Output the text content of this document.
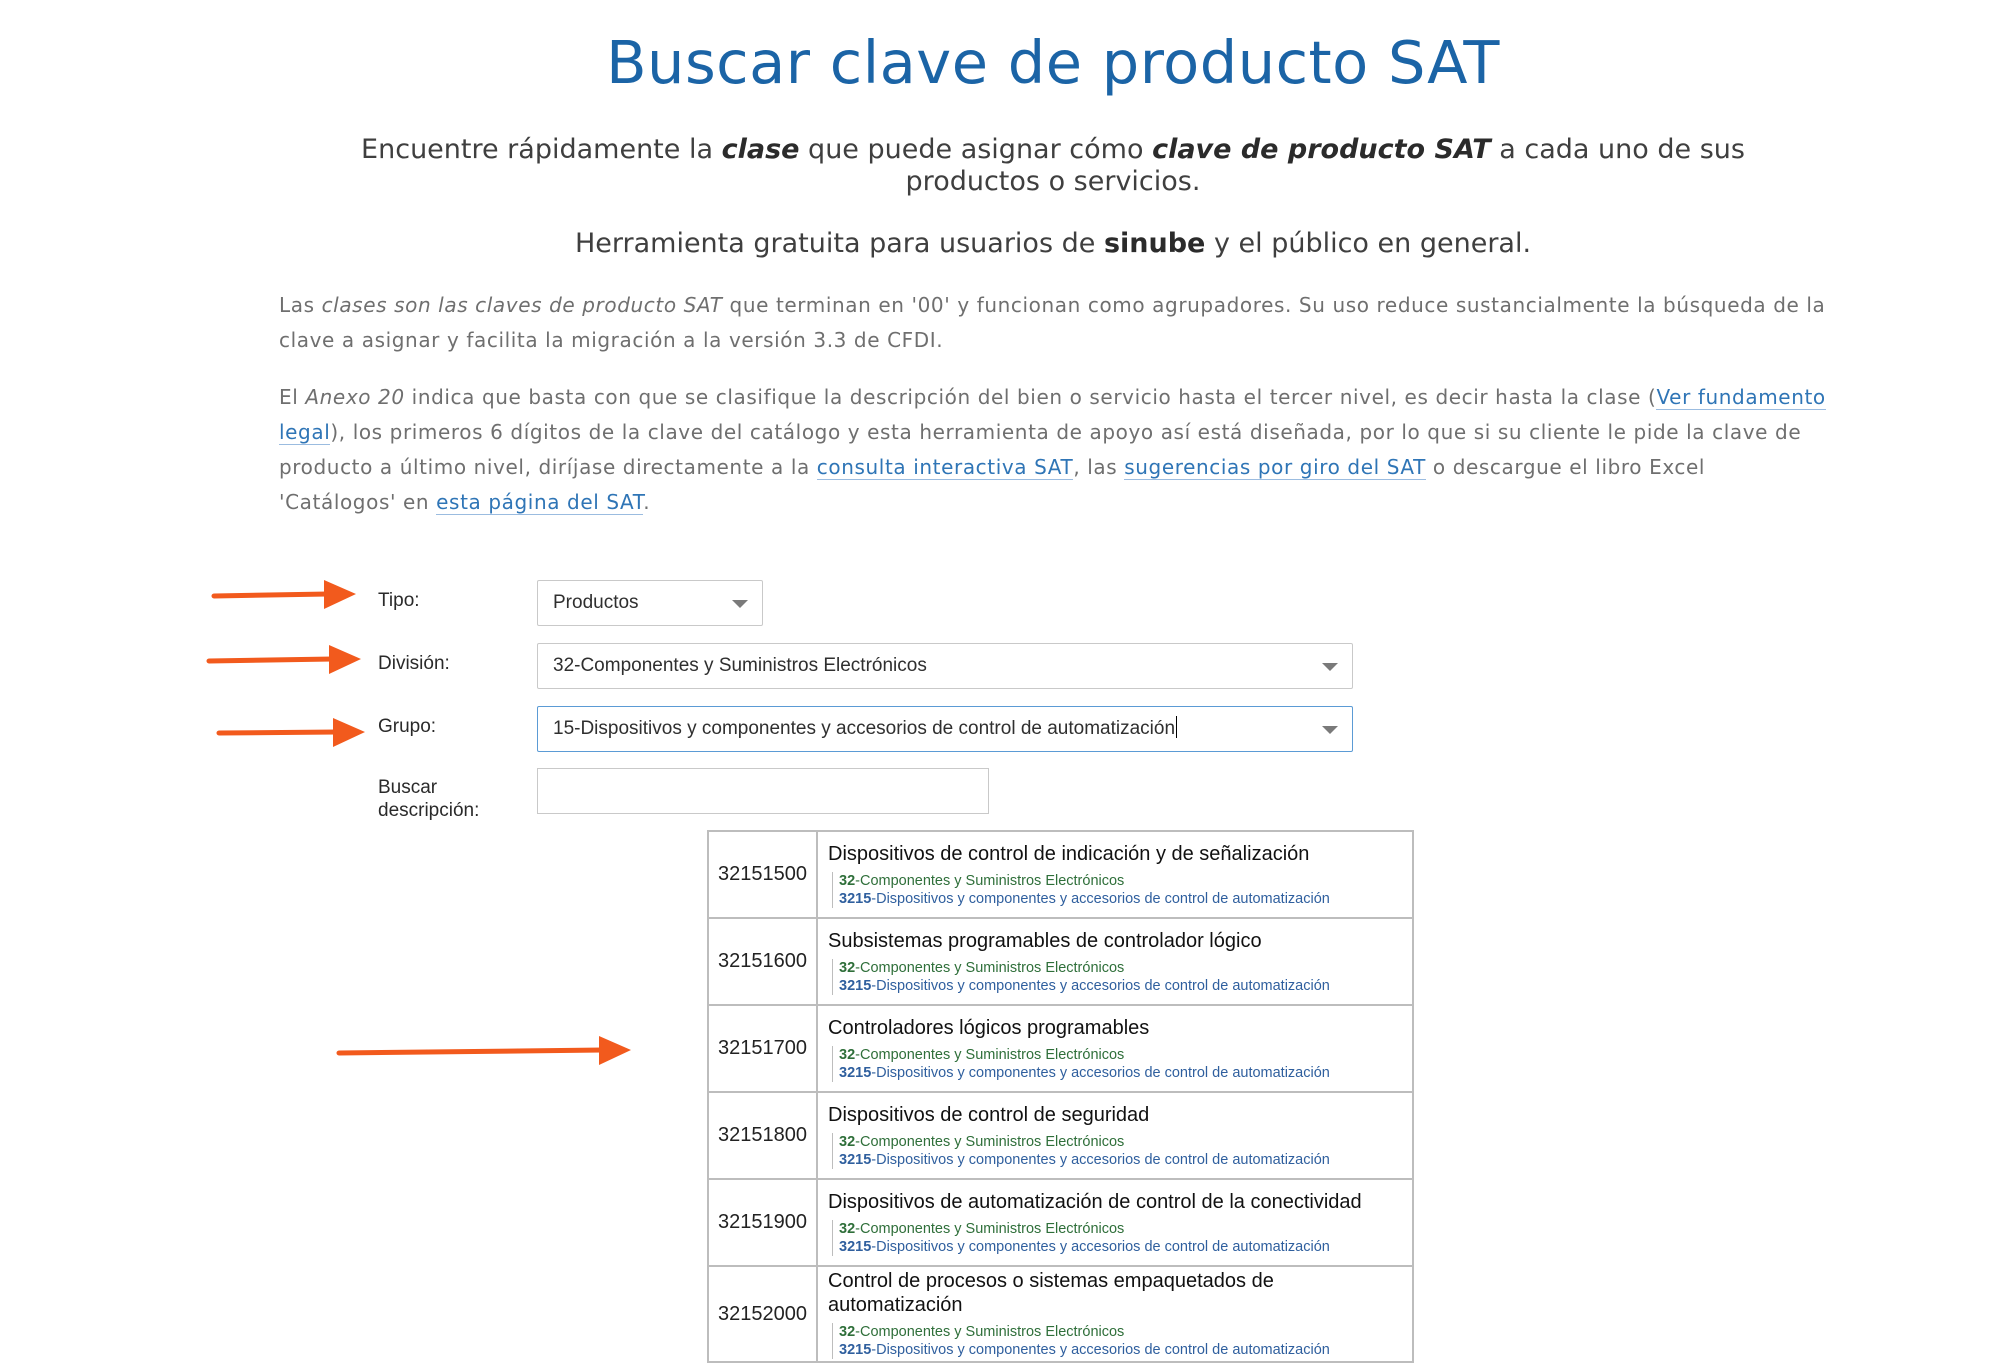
Buscar clave de producto SAT

Encuentre rápidamente la clase que puede asignar cómo clave de producto SAT a cada uno de sus productos o servicios.

Herramienta gratuita para usuarios de sinube y el público en general.

Las clases son las claves de producto SAT que terminan en '00' y funcionan como agrupadores. Su uso reduce sustancialmente la búsqueda de la clave a asignar y facilita la migración a la versión 3.3 de CFDI.

El Anexo 20 indica que basta con que se clasifique la descripción del bien o servicio hasta el tercer nivel, es decir hasta la clase (Ver fundamento legal), los primeros 6 dígitos de la clave del catálogo y esta herramienta de apoyo así está diseñada, por lo que si su cliente le pide la clave de producto a último nivel, diríjase directamente a la consulta interactiva SAT, las sugerencias por giro del SAT o descargue el libro Excel 'Catálogos' en esta página del SAT.

Tipo:	Productos
División:	32-Componentes y Suministros Electrónicos
Grupo:	15-Dispositivos y componentes y accesorios de control de automatización
Buscar descripción:
32151500	Dispositivos de control de indicación y de señalización
32-Componentes y Suministros Electrónicos
3215-Dispositivos y componentes y accesorios de control de automatización

32151600	Subsistemas programables de controlador lógico
32-Componentes y Suministros Electrónicos
3215-Dispositivos y componentes y accesorios de control de automatización

32151700	Controladores lógicos programables
32-Componentes y Suministros Electrónicos
3215-Dispositivos y componentes y accesorios de control de automatización

32151800	Dispositivos de control de seguridad
32-Componentes y Suministros Electrónicos
3215-Dispositivos y componentes y accesorios de control de automatización

32151900	Dispositivos de automatización de control de la conectividad
32-Componentes y Suministros Electrónicos
3215-Dispositivos y componentes y accesorios de control de automatización

32152000	Control de procesos o sistemas empaquetados de automatización
32-Componentes y Suministros Electrónicos
3215-Dispositivos y componentes y accesorios de control de automatización
